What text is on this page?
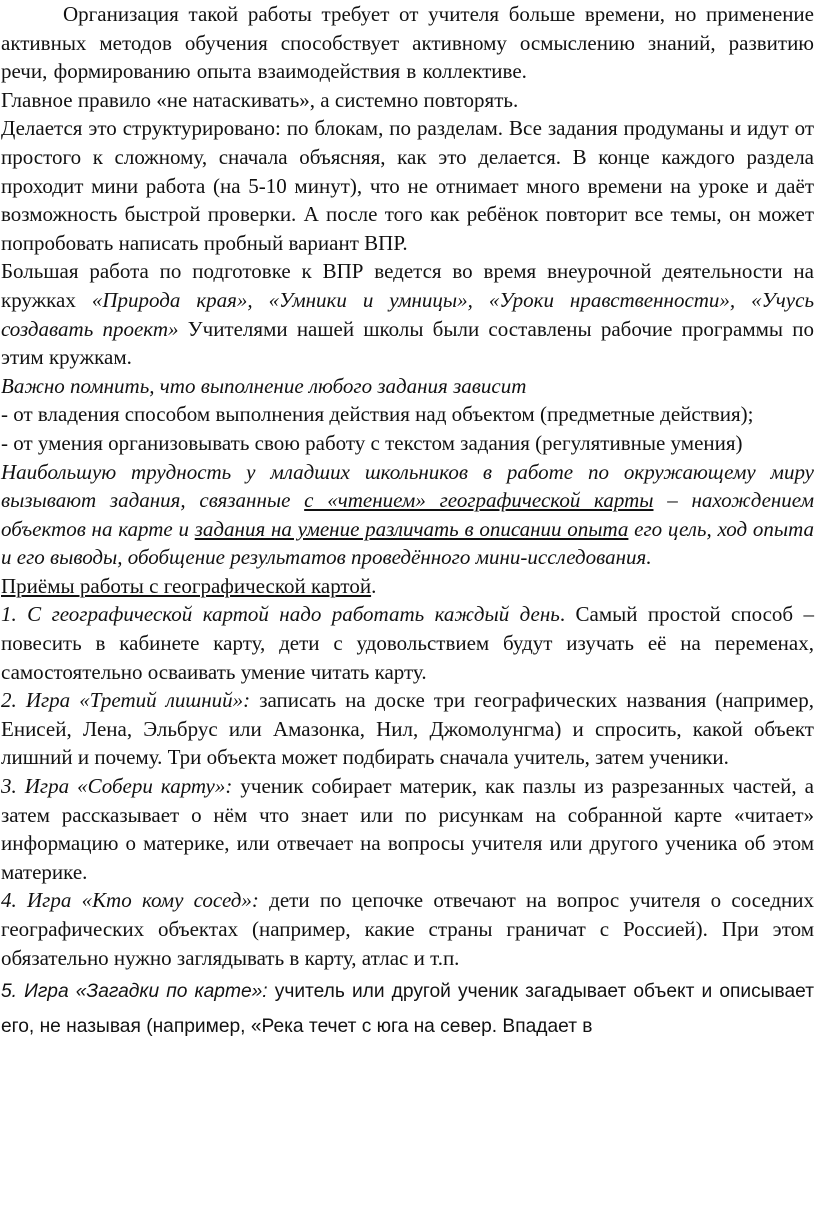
Организация такой работы требует от учителя больше времени, но применение активных методов обучения способствует активному осмыслению знаний, развитию речи, формированию опыта взаимодействия в коллективе.

Главное правило «не натаскивать», а системно повторять.

Делается это структурировано: по блокам, по разделам. Все задания продуманы и идут от простого к сложному, сначала объясняя, как это делается. В конце каждого раздела проходит мини работа (на 5-10 минут), что не отнимает много времени на уроке и даёт возможность быстрой проверки. А после того как ребёнок повторит все темы, он может попробовать написать пробный вариант ВПР.

Большая работа по подготовке к ВПР ведется во время внеурочной деятельности на кружках «Природа края», «Умники и умницы», «Уроки нравственности», «Учусь создавать проект» Учителями нашей школы были составлены рабочие программы по этим кружкам.

Важно помнить, что выполнение любого задания зависит

- от владения способом выполнения действия над объектом (предметные действия);

- от умения организовывать свою работу с текстом задания (регулятивные умения)

Наибольшую трудность у младших школьников в работе по окружающему миру вызывают задания, связанные с «чтением» географической карты – нахождением объектов на карте и задания на умение различать в описании опыта его цель, ход опыта и его выводы, обобщение результатов проведённого мини-исследования.

Приёмы работы с географической картой.

1. С географической картой надо работать каждый день. Самый простой способ – повесить в кабинете карту, дети с удовольствием будут изучать её на переменах, самостоятельно осваивать умение читать карту.

2. Игра «Третий лишний»: записать на доске три географических названия (например, Енисей, Лена, Эльбрус или Амазонка, Нил, Джомолунгма) и спросить, какой объект лишний и почему. Три объекта может подбирать сначала учитель, затем ученики.

3. Игра «Собери карту»: ученик собирает материк, как пазлы из разрезанных частей, а затем рассказывает о нём что знает или по рисункам на собранной карте «читает» информацию о материке, или отвечает на вопросы учителя или другого ученика об этом материке.

4. Игра «Кто кому сосед»: дети по цепочке отвечают на вопрос учителя о соседних географических объектах (например, какие страны граничат с Россией). При этом обязательно нужно заглядывать в карту, атлас и т.п.

5. Игра «Загадки по карте»: учитель или другой ученик загадывает объект и описывает его, не называя (например, «Река течет с юга на север. Впадает в
